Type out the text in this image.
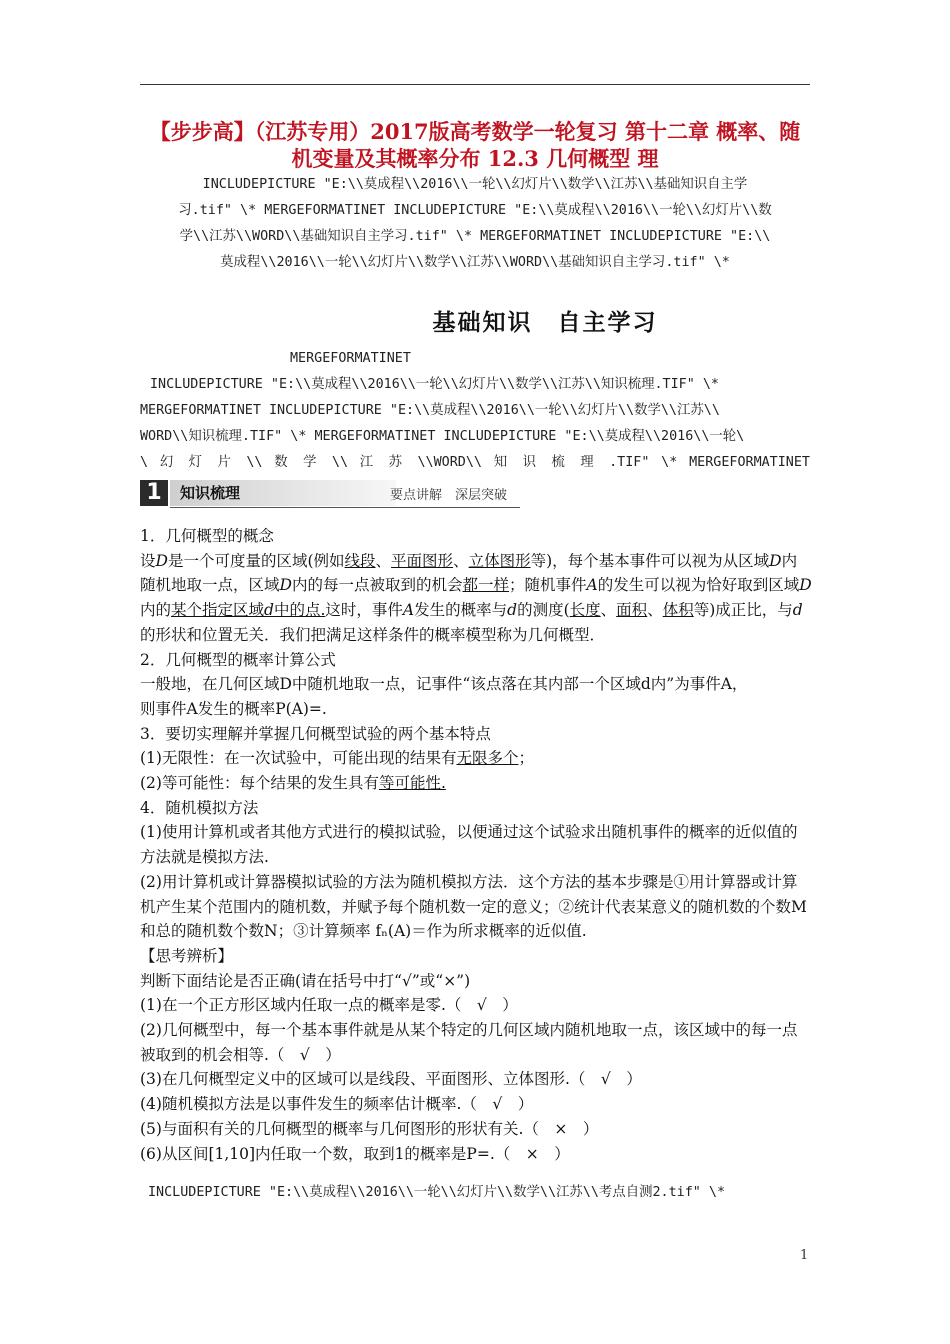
【步步高】（江苏专用）2017版高考数学一轮复习 第十二章 概率、随机变量及其概率分布 12.3 几何概型 理
INCLUDEPICTURE "E:\\莫成程\\2016\\一轮\\幻灯片\\数学\\江苏\\基础知识自主学
习.tif" \* MERGEFORMATINET INCLUDEPICTURE "E:\\莫成程\\2016\\一轮\\幻灯片\\数
学\\江苏\\WORD\\基础知识自主学习.tif" \* MERGEFORMATINET INCLUDEPICTURE "E:\\
莫成程\\2016\\一轮\\幻灯片\\数学\\江苏\\WORD\\基础知识自主学习.tif" \*
基础知识　自主学习
MERGEFORMATINET
INCLUDEPICTURE "E:\\莫成程\\2016\\一轮\\幻灯片\\数学\\江苏\\知识梳理.TIF" \*
MERGEFORMATINET INCLUDEPICTURE "E:\\莫成程\\2016\\一轮\\幻灯片\\数学\\江苏\\
WORD\\知识梳理.TIF" \* MERGEFORMATINET INCLUDEPICTURE "E:\\莫成程\\2016\\一轮\
\ 幻 灯 片 \\ 数 学 \\ 江 苏 \\WORD\\ 知 识 梳 理 .TIF" \* MERGEFORMATINET
1	知识梳理	要点讲解　深层突破

1．几何概型的概念

设D是一个可度量的区域(例如线段、平面图形、立体图形等)，每个基本事件可以视为从区域D内随机地取一点，区域D内的每一点被取到的机会都一样；随机事件A的发生可以视为恰好取到区域D内的某个指定区域d中的点.这时，事件A发生的概率与d的测度(长度、面积、体积等)成正比，与d的形状和位置无关．我们把满足这样条件的概率模型称为几何概型．

2．几何概型的概率计算公式

一般地，在几何区域D中随机地取一点，记事件“该点落在其内部一个区域d内”为事件A，

则事件A发生的概率P(A)=.

3．要切实理解并掌握几何概型试验的两个基本特点

(1)无限性：在一次试验中，可能出现的结果有无限多个；

(2)等可能性：每个结果的发生具有等可能性.

4．随机模拟方法

(1)使用计算机或者其他方式进行的模拟试验，以便通过这个试验求出随机事件的概率的近似值的方法就是模拟方法.

(2)用计算机或计算器模拟试验的方法为随机模拟方法．这个方法的基本步骤是①用计算器或计算机产生某个范围内的随机数，并赋予每个随机数一定的意义；②统计代表某意义的随机数的个数M和总的随机数个数N；③计算频率 fₙ(A)＝作为所求概率的近似值.

【思考辨析】

判断下面结论是否正确(请在括号中打“√”或“×”)

(1)在一个正方形区域内任取一点的概率是零.（　√　）

(2)几何概型中，每一个基本事件就是从某个特定的几何区域内随机地取一点，该区域中的每一点被取到的机会相等.（　√　）

(3)在几何概型定义中的区域可以是线段、平面图形、立体图形.（　√　）

(4)随机模拟方法是以事件发生的频率估计概率.（　√　）

(5)与面积有关的几何概型的概率与几何图形的形状有关.（　×　）

(6)从区间[1,10]内任取一个数，取到1的概率是P=.（　×　）

INCLUDEPICTURE "E:\\莫成程\\2016\\一轮\\幻灯片\\数学\\江苏\\考点自测2.tif" \*
1
